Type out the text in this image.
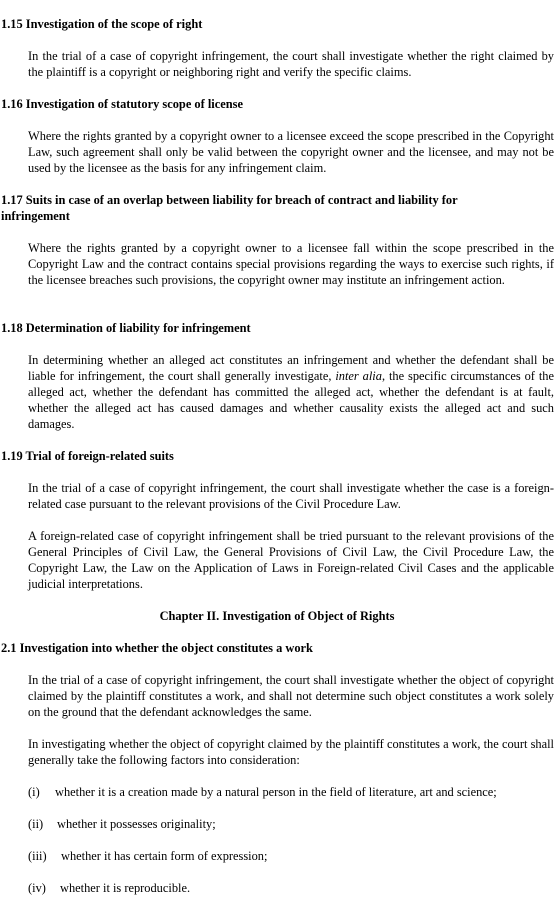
1.15 Investigation of the scope of right

In the trial of a case of copyright infringement, the court shall investigate whether the right claimed by the plaintiff is a copyright or neighboring right and verify the specific claims.

1.16 Investigation of statutory scope of license

Where the rights granted by a copyright owner to a licensee exceed the scope prescribed in the Copyright Law, such agreement shall only be valid between the copyright owner and the licensee, and may not be used by the licensee as the basis for any infringement claim.

1.17 Suits in case of an overlap between liability for breach of contract and liability for infringement

Where the rights granted by a copyright owner to a licensee fall within the scope prescribed in the Copyright Law and the contract contains special provisions regarding the ways to exercise such rights, if the licensee breaches such provisions, the copyright owner may institute an infringement action.

1.18 Determination of liability for infringement

In determining whether an alleged act constitutes an infringement and whether the defendant shall be liable for infringement, the court shall generally investigate, inter alia, the specific circumstances of the alleged act, whether the defendant has committed the alleged act, whether the defendant is at fault, whether the alleged act has caused damages and whether causality exists the alleged act and such damages.

1.19 Trial of foreign-related suits

In the trial of a case of copyright infringement, the court shall investigate whether the case is a foreign-related case pursuant to the relevant provisions of the Civil Procedure Law.

A foreign-related case of copyright infringement shall be tried pursuant to the relevant provisions of the General Principles of Civil Law, the General Provisions of Civil Law, the Civil Procedure Law, the Copyright Law, the Law on the Application of Laws in Foreign-related Civil Cases and the applicable judicial interpretations.

Chapter II. Investigation of Object of Rights

2.1 Investigation into whether the object constitutes a work

In the trial of a case of copyright infringement, the court shall investigate whether the object of copyright claimed by the plaintiff constitutes a work, and shall not determine such object constitutes a work solely on the ground that the defendant acknowledges the same.

In investigating whether the object of copyright claimed by the plaintiff constitutes a work, the court shall generally take the following factors into consideration:

(i) whether it is a creation made by a natural person in the field of literature, art and science;

(ii) whether it possesses originality;

(iii) whether it has certain form of expression;

(iv) whether it is reproducible.
